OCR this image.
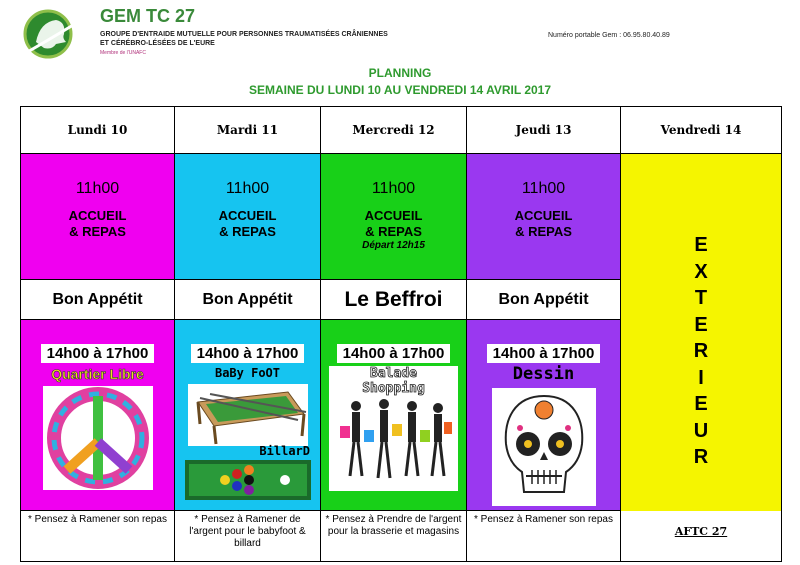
GEM TC 27
GROUPE D'ENTRAIDE MUTUELLE POUR PERSONNES TRAUMATISÉES CRÂNIENNES
ET CÉRÉBRO-LÉSÉES DE L'EURE
Membre de l'UNAFC
Numéro portable Gem : 06.95.80.40.89
PLANNING
SEMAINE DU LUNDI 10 AU VENDREDI 14 AVRIL 2017
Lundi 10
11h00
ACCUEIL
& REPAS
Bon Appétit
14h00 à 17h00
Quartier Libre
* Pensez à Ramener son repas
Mardi 11
11h00
ACCUEIL
& REPAS
Bon Appétit
14h00 à 17h00
BaBy FoOT
BillarD
* Pensez à Ramener de l'argent pour le babyfoot & billard
Mercredi 12
11h00
ACCUEIL
& REPAS
Départ 12h15
Le Beffroi
14h00 à 17h00
Balade
Shopping
* Pensez à Prendre de l'argent pour la brasserie et magasins
Jeudi 13
11h00
ACCUEIL
& REPAS
Bon Appétit
14h00 à 17h00
Dessin
* Pensez à Ramener son repas
Vendredi 14
E
X
T
E
R
I
E
U
R
AFTC 27
